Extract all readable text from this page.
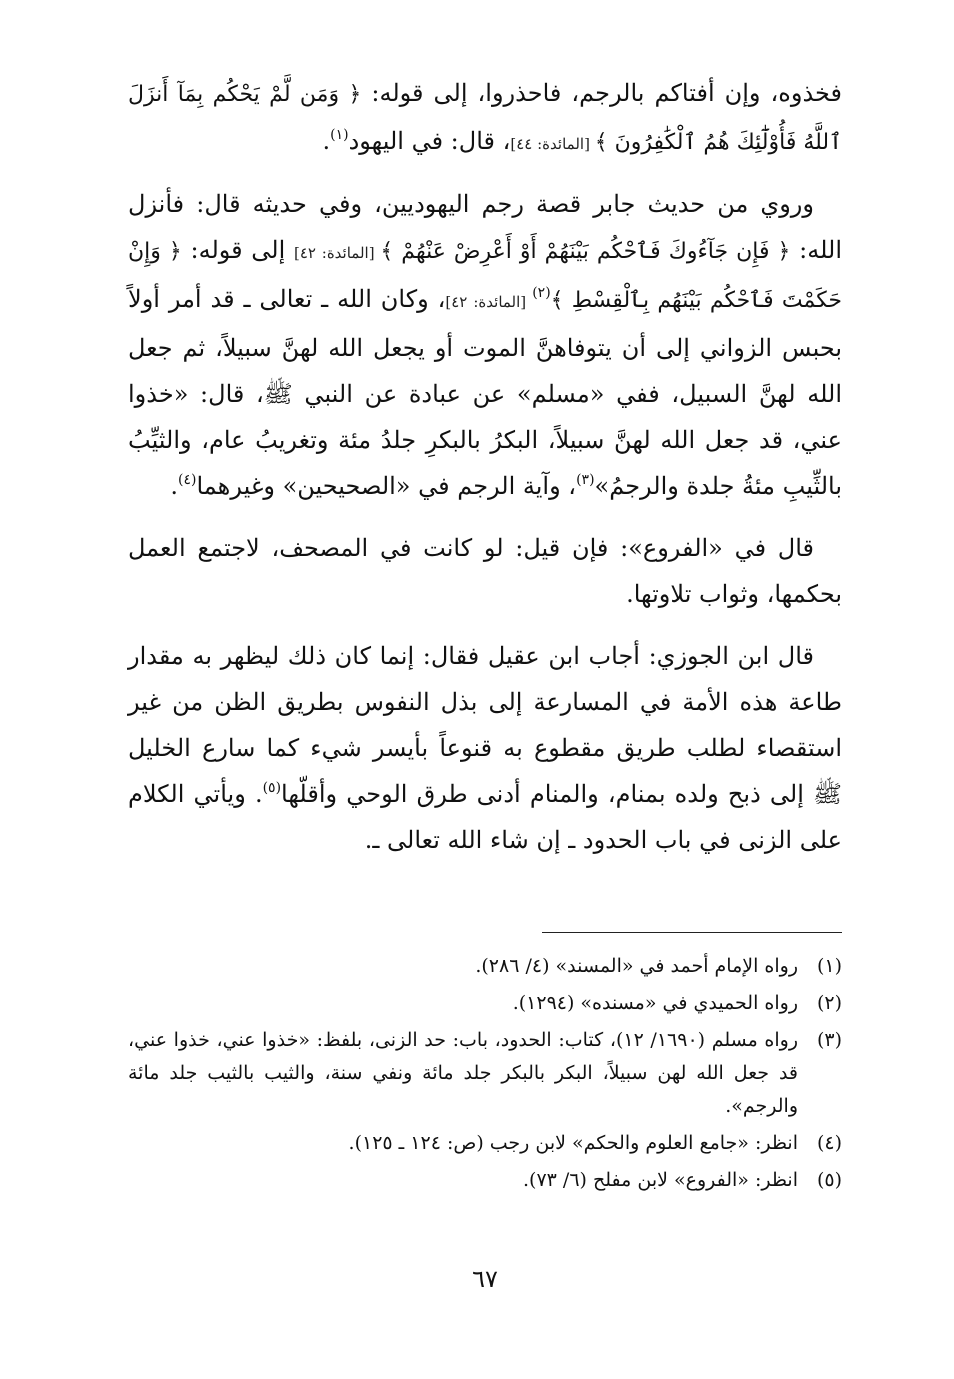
فخذوه، وإن أفتاكم بالرجم، فاحذروا، إلى قوله: ﴿ وَمَن لَّمْ يَحْكُم بِمَآ أَنزَلَ ٱللَّهُ فَأُوْلَٰٓئِكَ هُمُ ٱلْكَٰفِرُونَ ﴾ [المائدة: ٤٤]، قال: في اليهود$^{(١)}$.

وروي من حديث جابر قصة رجم اليهوديين، وفي حديثه قال: فأنزل الله: ﴿ فَإِن جَآءُوكَ فَٱحْكُم بَيْنَهُمْ أَوْ أَعْرِضْ عَنْهُمْ ﴾ [المائدة: ٤٢] إلى قوله: ﴿ وَإِنْ حَكَمْتَ فَٱحْكُم بَيْنَهُم بِٱلْقِسْطِ ﴾$^{(٢)}$ [المائدة: ٤٢]، وكان الله ـ تعالى ـ قد أمر أولاً بحبس الزواني إلى أن يتوفاهنَّ الموت أو يجعل الله لهنَّ سبيلاً، ثم جعل الله لهنَّ السبيل، ففي «مسلم» عن عبادة عن النبي ﷺ، قال: «خذوا عني، قد جعل الله لهنَّ سبيلاً، البكرُ بالبكرِ جلدُ مئة وتغريبُ عام، والثيِّبُ بالثِّيبِ مئةُ جلدة والرجمُ»$^{(٣)}$، وآية الرجم في «الصحيحين» وغيرهما$^{(٤)}$.

قال في «الفروع»: فإن قيل: لو كانت في المصحف، لاجتمع العمل بحكمها، وثواب تلاوتها.

قال ابن الجوزي: أجاب ابن عقيل فقال: إنما كان ذلك ليظهر به مقدار طاعة هذه الأمة في المسارعة إلى بذل النفوس بطريق الظن من غير استقصاء لطلب طريق مقطوع به قنوعاً بأيسر شيء كما سارع الخليل ﷺ إلى ذبح ولده بمنام، والمنام أدنى طرق الوحي وأقلّها$^{(٥)}$. ويأتي الكلام على الزنى في باب الحدود ـ إن شاء الله تعالى ـ.

(١)
رواه الإمام أحمد في «المسند» (٤/ ٢٨٦).
(٢)
رواه الحميدي في «مسنده» (١٢٩٤).
(٣)
رواه مسلم (١٦٩٠/ ١٢)، كتاب: الحدود، باب: حد الزنى، بلفظ: «خذوا عني، خذوا عني، قد جعل الله لهن سبيلاً، البكر بالبكر جلد مائة ونفي سنة، والثيب بالثيب جلد مائة والرجم».
(٤)
انظر: «جامع العلوم والحكم» لابن رجب (ص: ١٢٤ ـ ١٢٥).
(٥)
انظر: «الفروع» لابن مفلح (٦/ ٧٣).
٦٧
